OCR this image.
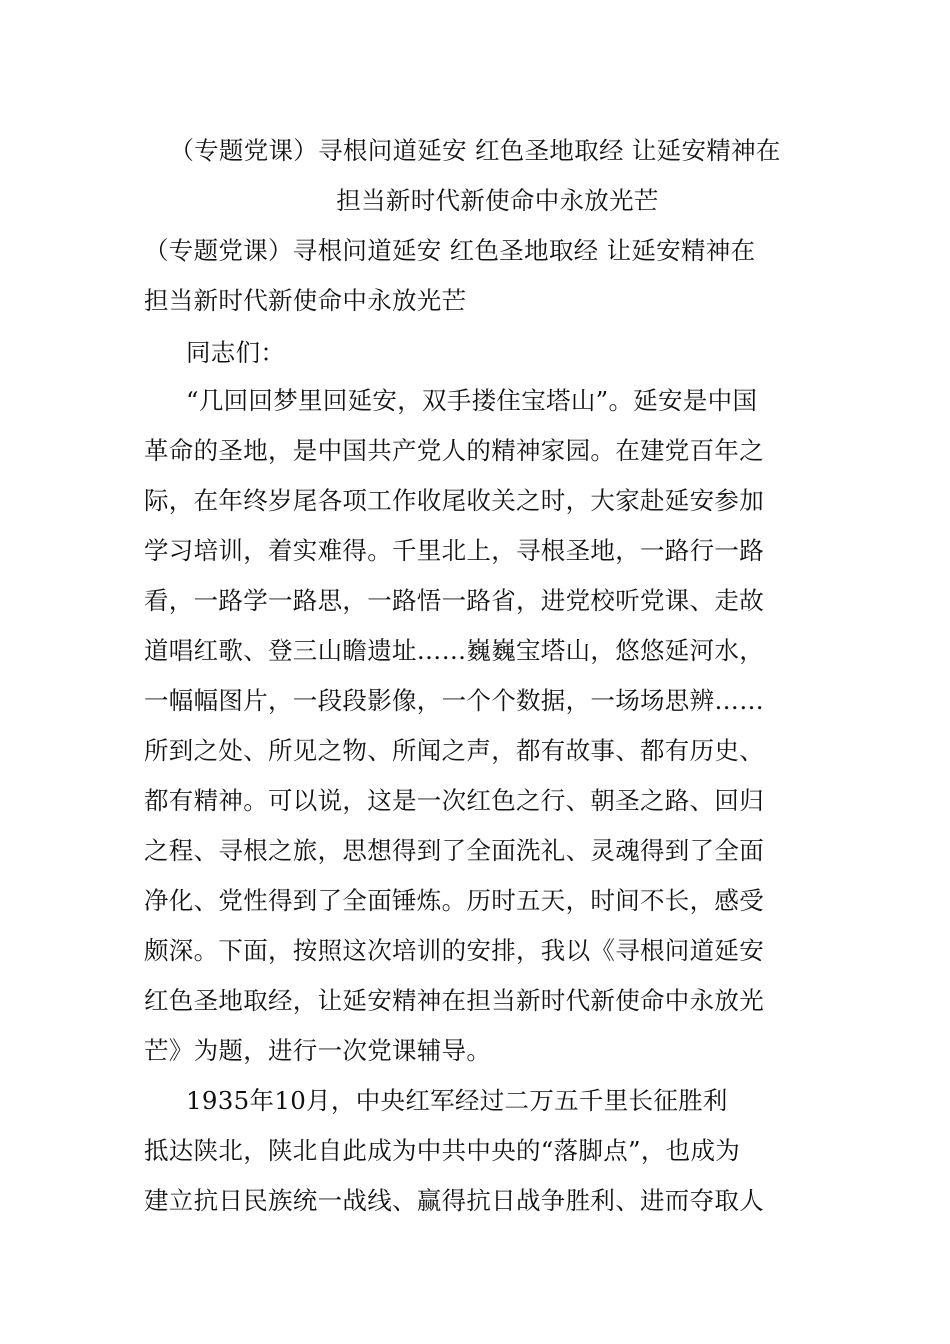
（专题党课）寻根问道延安 红色圣地取经 让延安精神在
担当新时代新使命中永放光芒
（专题党课）寻根问道延安 红色圣地取经 让延安精神在
担当新时代新使命中永放光芒
同志们：
“几回回梦里回延安，双手搂住宝塔山”。延安是中国
革命的圣地，是中国共产党人的精神家园。在建党百年之
际，在年终岁尾各项工作收尾收关之时，大家赴延安参加
学习培训，着实难得。千里北上，寻根圣地，一路行一路
看，一路学一路思，一路悟一路省，进党校听党课、走故
道唱红歌、登三山瞻遗址……巍巍宝塔山，悠悠延河水，
一幅幅图片，一段段影像，一个个数据，一场场思辨……
所到之处、所见之物、所闻之声，都有故事、都有历史、
都有精神。可以说，这是一次红色之行、朝圣之路、回归
之程、寻根之旅，思想得到了全面洗礼、灵魂得到了全面
净化、党性得到了全面锤炼。历时五天，时间不长，感受
颇深。下面，按照这次培训的安排，我以《寻根问道延安
红色圣地取经，让延安精神在担当新时代新使命中永放光
芒》为题，进行一次党课辅导。
1935年10月，中央红军经过二万五千里长征胜利
抵达陕北，陕北自此成为中共中央的“落脚点”，也成为
建立抗日民族统一战线、赢得抗日战争胜利、进而夺取人
